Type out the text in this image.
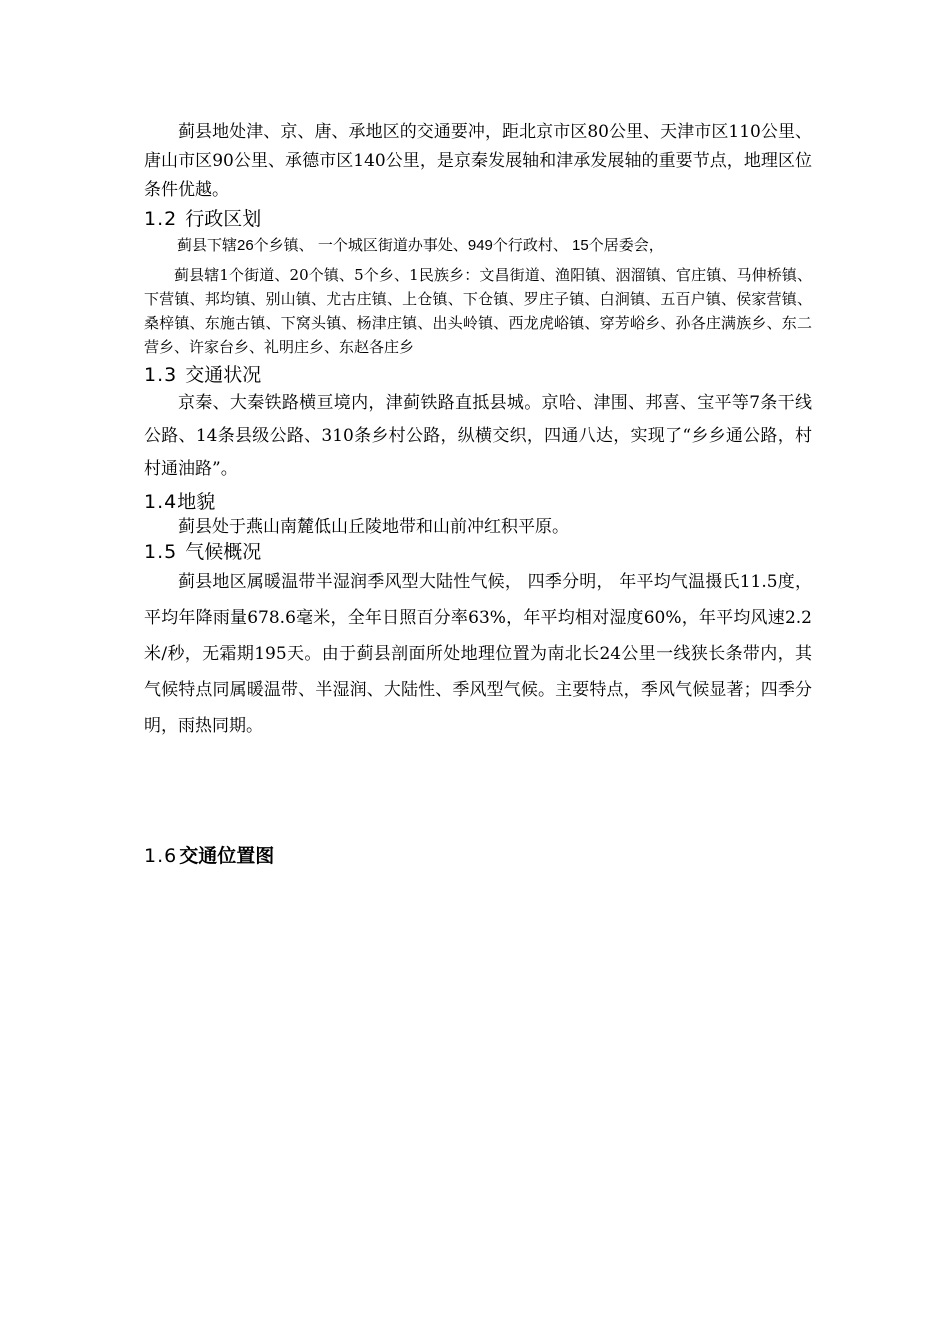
蓟县地处津、京、唐、承地区的交通要冲，距北京市区80公里、天津市区110公里、唐山市区90公里、承德市区140公里，是京秦发展轴和津承发展轴的重要节点，地理区位条件优越。

1.2 行政区划

蓟县下辖26个乡镇、 一个城区街道办事处、949个行政村、 15个居委会，

蓟县辖1个街道、20个镇、5个乡、1民族乡：文昌街道、渔阳镇、洇溜镇、官庄镇、马伸桥镇、下营镇、邦均镇、别山镇、尤古庄镇、上仓镇、下仓镇、罗庄子镇、白涧镇、五百户镇、侯家营镇、桑梓镇、东施古镇、下窝头镇、杨津庄镇、出头岭镇、西龙虎峪镇、穿芳峪乡、孙各庄满族乡、东二营乡、许家台乡、礼明庄乡、东赵各庄乡

1.3 交通状况

京秦、大秦铁路横亘境内，津蓟铁路直抵县城。京哈、津围、邦喜、宝平等7条干线公路、14条县级公路、310条乡村公路，纵横交织，四通八达，实现了“乡乡通公路，村村通油路”。

1.4 地貌

蓟县处于燕山南麓低山丘陵地带和山前冲红积平原。

1.5 气候概况

蓟县地区属暖温带半湿润季风型大陆性气候， 四季分明， 年平均气温摄氏11.5度，平均年降雨量678.6毫米，全年日照百分率63%，年平均相对湿度60%，年平均风速2.2米/秒，无霜期195天。由于蓟县剖面所处地理位置为南北长24公里一线狭长条带内，其气候特点同属暖温带、半湿润、大陆性、季风型气候。主要特点，季风气候显著；四季分明，雨热同期。

1.6 交通位置图
